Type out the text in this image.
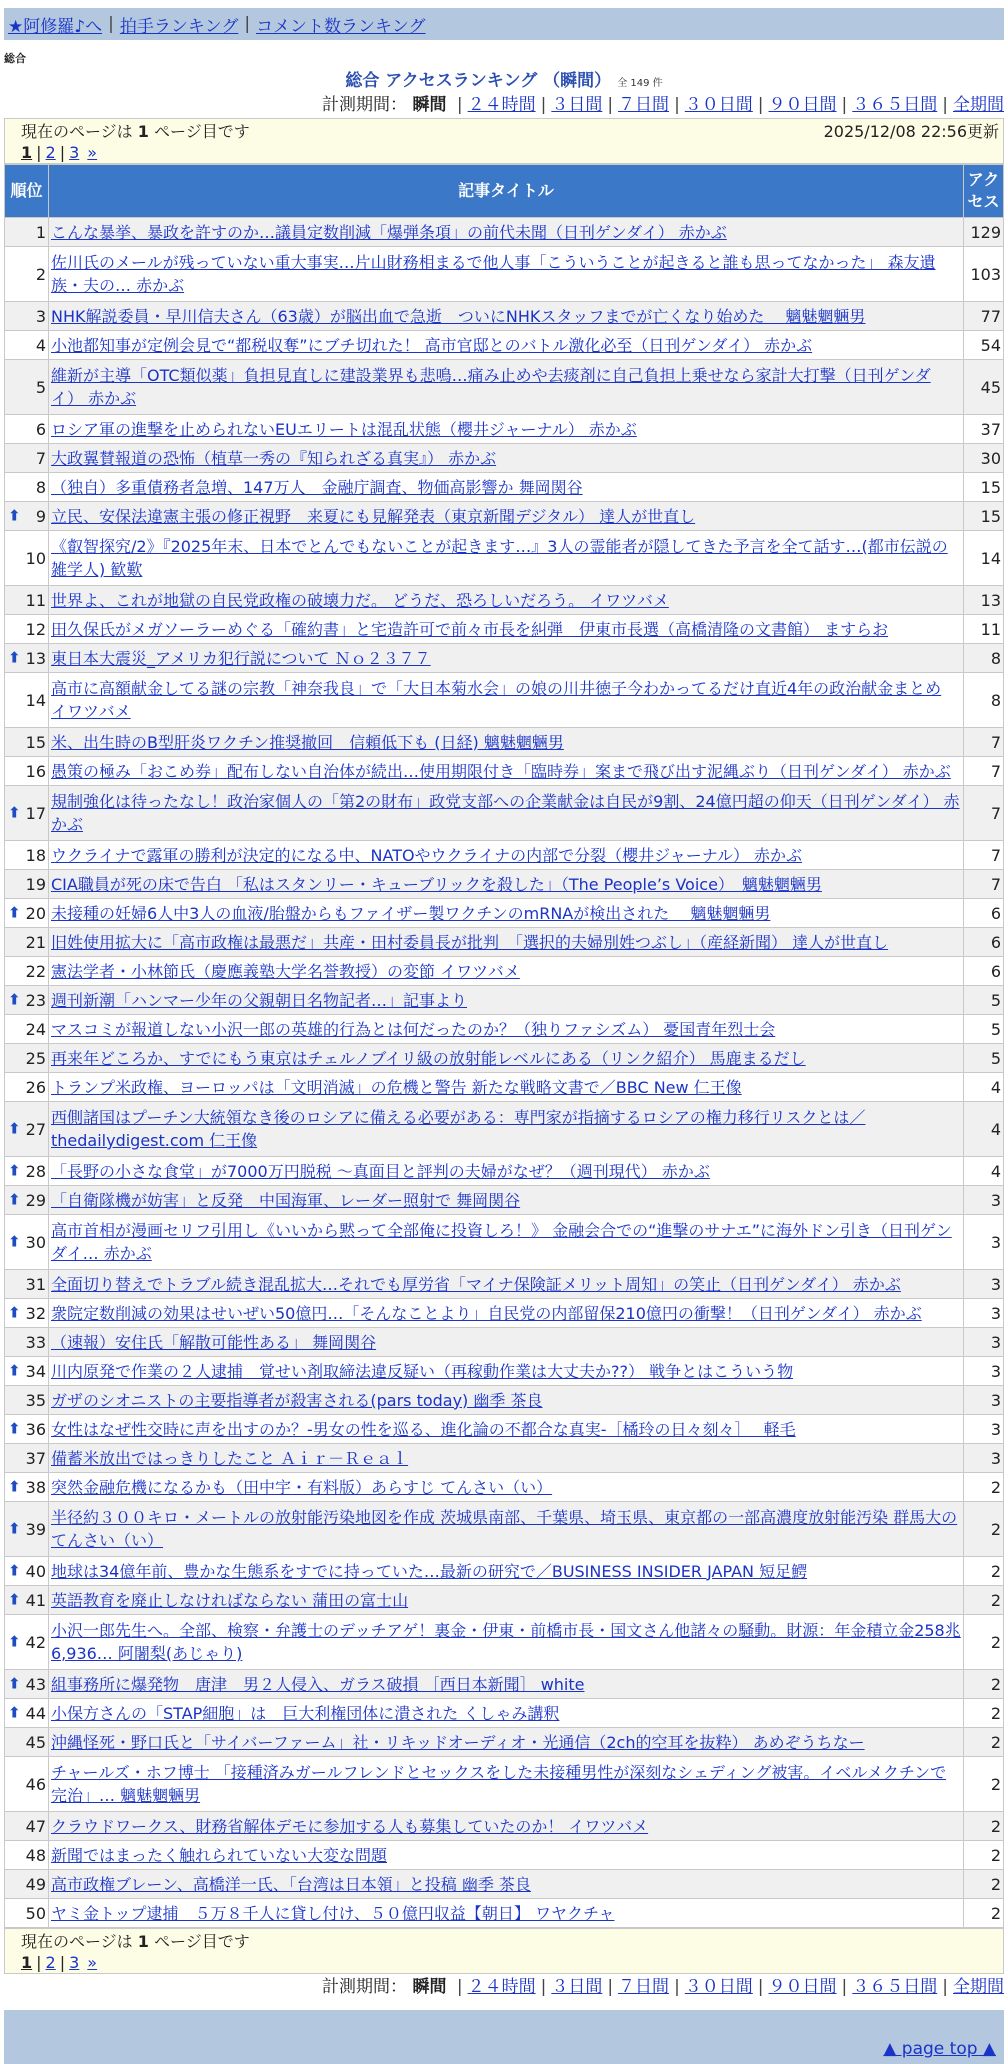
★阿修羅♪へ | 拍手ランキング | コメント数ランキング
総合
総合 アクセスランキング （瞬間） 全 149 件
計測期間： 瞬間 | ２４時間 | ３日間 | ７日間 | ３０日間 | ９０日間 | ３６５日間 | 全期間
現在のページは 1 ページ目です	2025/12/08 22:56更新
1 | 2 | 3 »
順位	記事タイトル	アクセス
1	こんな暴挙、暴政を許すのか…議員定数削減「爆弾条項」の前代未聞（日刊ゲンダイ） 赤かぶ	129
2	佐川氏のメールが残っていない重大事実…片山財務相まるで他人事「こういうことが起きると誰も思ってなかった」 森友遺族・夫の… 赤かぶ	103
3	NHK解説委員・早川信夫さん（63歳）が脳出血で急逝　ついにNHKスタッフまでが亡くなり始めた　 魑魅魍魎男	77
4	小池都知事が定例会見で“都税収奪”にブチ切れた！ 高市官邸とのバトル激化必至（日刊ゲンダイ） 赤かぶ	54
5	維新が主導「OTC類似薬」負担見直しに建設業界も悲鳴…痛み止めや去痰剤に自己負担上乗せなら家計大打撃（日刊ゲンダイ） 赤かぶ	45
6	ロシア軍の進撃を止められないEUエリートは混乱状態（櫻井ジャーナル） 赤かぶ	37
7	大政翼賛報道の恐怖（植草一秀の『知られざる真実』） 赤かぶ	30
8	（独自）多重債務者急増、147万人　金融庁調査、物価高影響か 舞岡関谷	15

⬆ 9	立民、安保法違憲主張の修正視野　来夏にも見解発表（東京新聞デジタル） 達人が世直し	15
10	《叡智探究/2》『2025年末、日本でとんでもないことが起きます…』3人の霊能者が隠してきた予言を全て話す…(都市伝説の雑学人) 歓歎	14
11	世界よ、これが地獄の自民党政権の破壊力だ。 どうだ、恐ろしいだろう。 イワツバメ	13
12	田久保氏がメガソーラーめぐる「確約書」と宅造許可で前々市長を糾弾　伊東市長選（高橋清隆の文書館） ますらお	11

⬆ 13	東日本大震災_アメリカ犯行説について Ｎｏ２３７７	8
14	高市に高額献金してる謎の宗教「神奈我良」で「大日本菊水会」の娘の川井徳子今わかってるだけ直近4年の政治献金まとめ イワツバメ	8
15	米、出生時のB型肝炎ワクチン推奨撤回　信頼低下も (日経) 魑魅魍魎男	7
16	愚策の極み「おこめ券」配布しない自治体が続出…使用期限付き「臨時券」案まで飛び出す泥縄ぶり（日刊ゲンダイ） 赤かぶ	7

⬆ 17	規制強化は待ったなし！政治家個人の「第2の財布」政党支部への企業献金は自民が9割、24億円超の仰天（日刊ゲンダイ） 赤かぶ	7
18	ウクライナで露軍の勝利が決定的になる中、NATOやウクライナの内部で分裂（櫻井ジャーナル） 赤かぶ	7
19	CIA職員が死の床で告白 「私はスタンリー・キューブリックを殺した」（The People’s Voice）　魑魅魍魎男	7

⬆ 20	未接種の妊婦6人中3人の血液/胎盤からもファイザー製ワクチンのmRNAが検出された　 魑魅魍魎男	6
21	旧姓使用拡大に「高市政権は最悪だ」共産・田村委員長が批判　「選択的夫婦別姓つぶし」（産経新聞） 達人が世直し	6
22	憲法学者・小林節氏（慶應義塾大学名誉教授）の変節 イワツバメ	6

⬆ 23	週刊新潮「ハンマー少年の父親朝日名物記者…」記事より	5
24	マスコミが報道しない小沢一郎の英雄的行為とは何だったのか？（独りファシズム） 憂国青年烈士会	5
25	再来年どころか、すでにもう東京はチェルノブイリ級の放射能レベルにある（リンク紹介） 馬鹿まるだし	5
26	トランプ米政権、ヨーロッパは「文明消滅」の危機と警告 新たな戦略文書で／BBC New 仁王像	4

⬆ 27	西側諸国はプーチン大統領なき後のロシアに備える必要がある：専門家が指摘するロシアの権力移行リスクとは／thedailydigest.com 仁王像	4

⬆ 28	「長野の小さな食堂」が7000万円脱税 〜真面目と評判の夫婦がなぜ？（週刊現代） 赤かぶ	4

⬆ 29	「自衛隊機が妨害」と反発　中国海軍、レーダー照射で 舞岡関谷	3

⬆ 30	高市首相が漫画セリフ引用し《いいから黙って全部俺に投資しろ！》 金融会合での“進撃のサナエ”に海外ドン引き（日刊ゲンダイ… 赤かぶ	3
31	全面切り替えでトラブル続き混乱拡大…それでも厚労省「マイナ保険証メリット周知」の笑止（日刊ゲンダイ） 赤かぶ	3

⬆ 32	衆院定数削減の効果はせいぜい50億円…「そんなことより」自民党の内部留保210億円の衝撃！（日刊ゲンダイ） 赤かぶ	3
33	（速報）安住氏「解散可能性ある」 舞岡関谷	3

⬆ 34	川内原発で作業の２人逮捕　覚せい剤取締法違反疑い（再稼動作業は大丈夫か??） 戦争とはこういう物	3
35	ガザのシオニストの主要指導者が殺害される(pars today) 幽季 茶良	3

⬆ 36	女性はなぜ性交時に声を出すのか？-男女の性を巡る、進化論の不都合な真実-［橘玲の日々刻々］　 軽毛	3
37	備蓄米放出ではっきりしたこと Ａｉｒ－Ｒｅａｌ	3

⬆ 38	突然金融危機になるかも（田中宇・有料版）あらすじ てんさい（い）	2

⬆ 39	半径約３００キロ・メートルの放射能汚染地図を作成 茨城県南部、千葉県、埼玉県、東京都の一部高濃度放射能汚染 群馬大の てんさい（い）	2

⬆ 40	地球は34億年前、豊かな生態系をすでに持っていた…最新の研究で／BUSINESS INSIDER JAPAN 短足鰐	2

⬆ 41	英語教育を廃止しなければならない 蒲田の富士山	2

⬆ 42	小沢一郎先生へ。全部、検察・弁護士のデッチアゲ！裏金・伊東・前橋市長・国文さん他諸々の騒動。財源：年金積立金258兆6,936… 阿闍梨(あじゃり)	2

⬆ 43	組事務所に爆発物　唐津　男２人侵入、ガラス破損 ［西日本新聞］ white	2

⬆ 44	小保方さんの「STAP細胞」は　巨大利権団体に潰された くしゃみ講釈	2
45	沖縄怪死・野口氏と「サイバーファーム」社・リキッドオーディオ・光通信（2ch的空耳を抜粋） あめぞうちなー	2
46	チャールズ・ホフ博士 「接種済みガールフレンドとセックスをした未接種男性が深刻なシェディング被害。イベルメクチンで完治」… 魑魅魍魎男	2
47	クラウドワークス、財務省解体デモに参加する人も募集していたのか！ イワツバメ	2
48	新聞ではまったく触れられていない大変な問題	2
49	高市政権ブレーン、高橋洋一氏、「台湾は日本領」と投稿 幽季 茶良	2
50	ヤミ金トップ逮捕　５万８千人に貸し付け、５０億円収益【朝日】 ワヤクチャ	2
現在のページは 1 ページ目です
1 | 2 | 3 »
計測期間： 瞬間 | ２４時間 | ３日間 | ７日間 | ３０日間 | ９０日間 | ３６５日間 | 全期間
▲ page top ▲
